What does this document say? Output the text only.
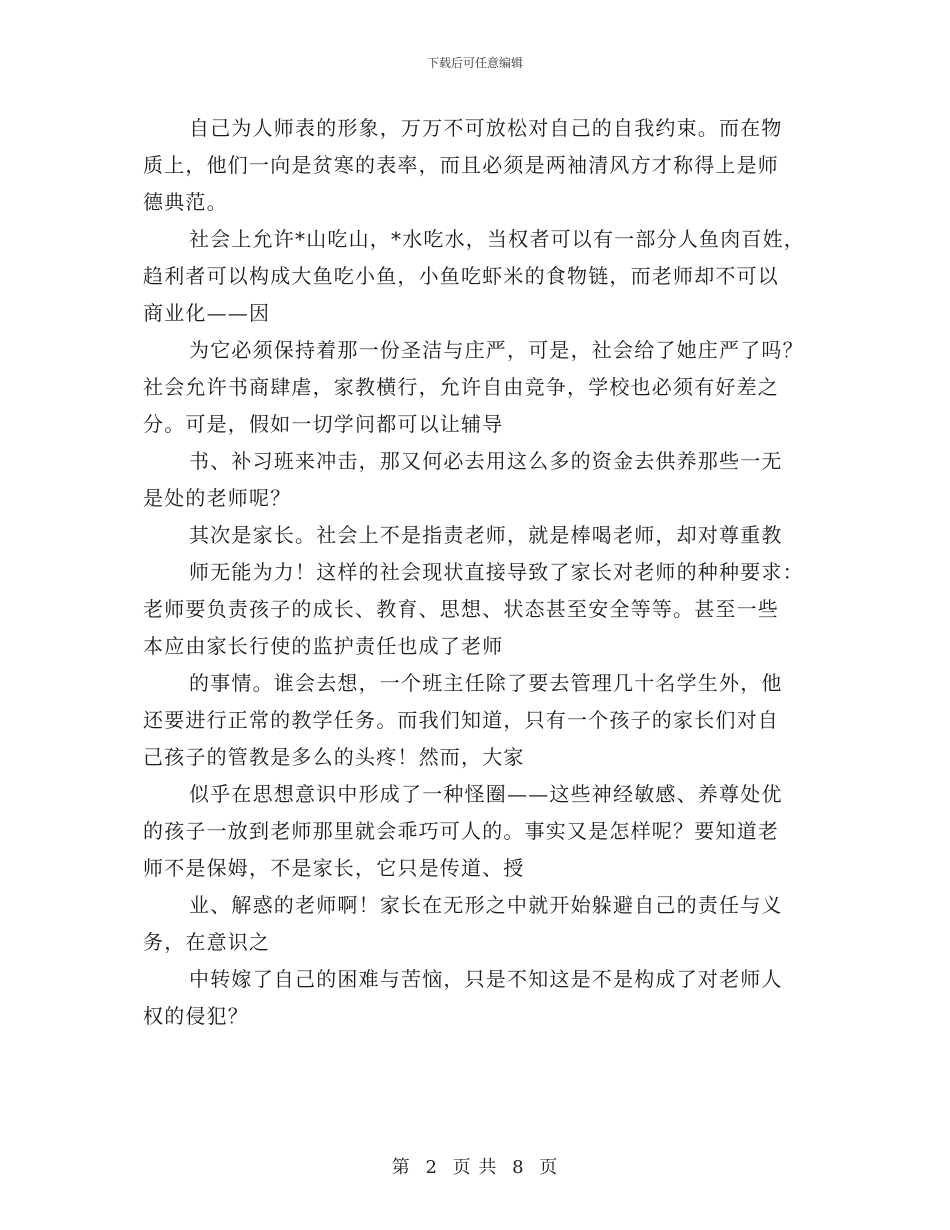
下载后可任意编辑
自己为人师表的形象，万万不可放松对自己的自我约束。而在物
质上，他们一向是贫寒的表率，而且必须是两袖清风方才称得上是师
德典范。
社会上允许*山吃山，*水吃水，当权者可以有一部分人鱼肉百姓，
趋利者可以构成大鱼吃小鱼，小鱼吃虾米的食物链，而老师却不可以
商业化——因
为它必须保持着那一份圣洁与庄严，可是，社会给了她庄严了吗？
社会允许书商肆虐，家教横行，允许自由竞争，学校也必须有好差之
分。可是，假如一切学问都可以让辅导
书、补习班来冲击，那又何必去用这么多的资金去供养那些一无
是处的老师呢？
其次是家长。社会上不是指责老师，就是棒喝老师，却对尊重教
师无能为力！这样的社会现状直接导致了家长对老师的种种要求：
老师要负责孩子的成长、教育、思想、状态甚至安全等等。甚至一些
本应由家长行使的监护责任也成了老师
的事情。谁会去想，一个班主任除了要去管理几十名学生外，他
还要进行正常的教学任务。而我们知道，只有一个孩子的家长们对自
己孩子的管教是多么的头疼！然而，大家
似乎在思想意识中形成了一种怪圈——这些神经敏感、养尊处优
的孩子一放到老师那里就会乖巧可人的。事实又是怎样呢？要知道老
师不是保姆，不是家长，它只是传道、授
业、解惑的老师啊！家长在无形之中就开始躲避自己的责任与义
务，在意识之
中转嫁了自己的困难与苦恼，只是不知这是不是构成了对老师人
权的侵犯？
第 2 页 共 8 页
